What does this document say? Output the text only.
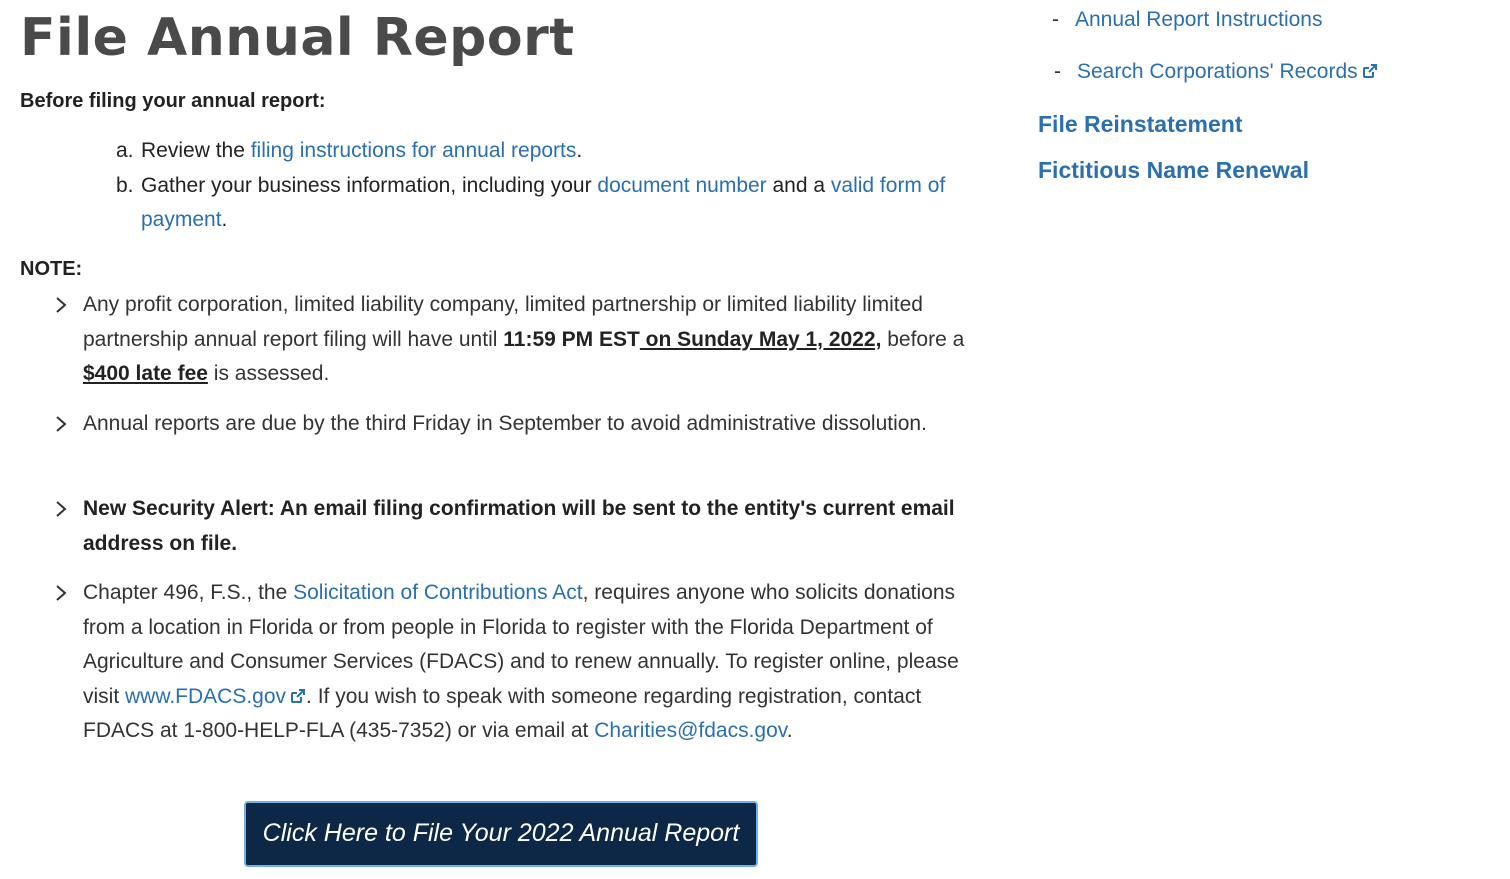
File Annual Report
Before filing your annual report:
a. Review the filing instructions for annual reports.
b. Gather your business information, including your document number and a valid form of payment.
NOTE:
Any profit corporation, limited liability company, limited partnership or limited liability limited partnership annual report filing will have until 11:59 PM EST on Sunday May 1, 2022, before a $400 late fee is assessed.
Annual reports are due by the third Friday in September to avoid administrative dissolution.
New Security Alert: An email filing confirmation will be sent to the entity's current email address on file.
Chapter 496, F.S., the Solicitation of Contributions Act, requires anyone who solicits donations from a location in Florida or from people in Florida to register with the Florida Department of Agriculture and Consumer Services (FDACS) and to renew annually. To register online, please visit www.FDACS.gov . If you wish to speak with someone regarding registration, contact FDACS at 1-800-HELP-FLA (435-7352) or via email at Charities@fdacs.gov.
Click Here to File Your 2022 Annual Report
- Annual Report Instructions
- Search Corporations' Records
File Reinstatement
Fictitious Name Renewal
